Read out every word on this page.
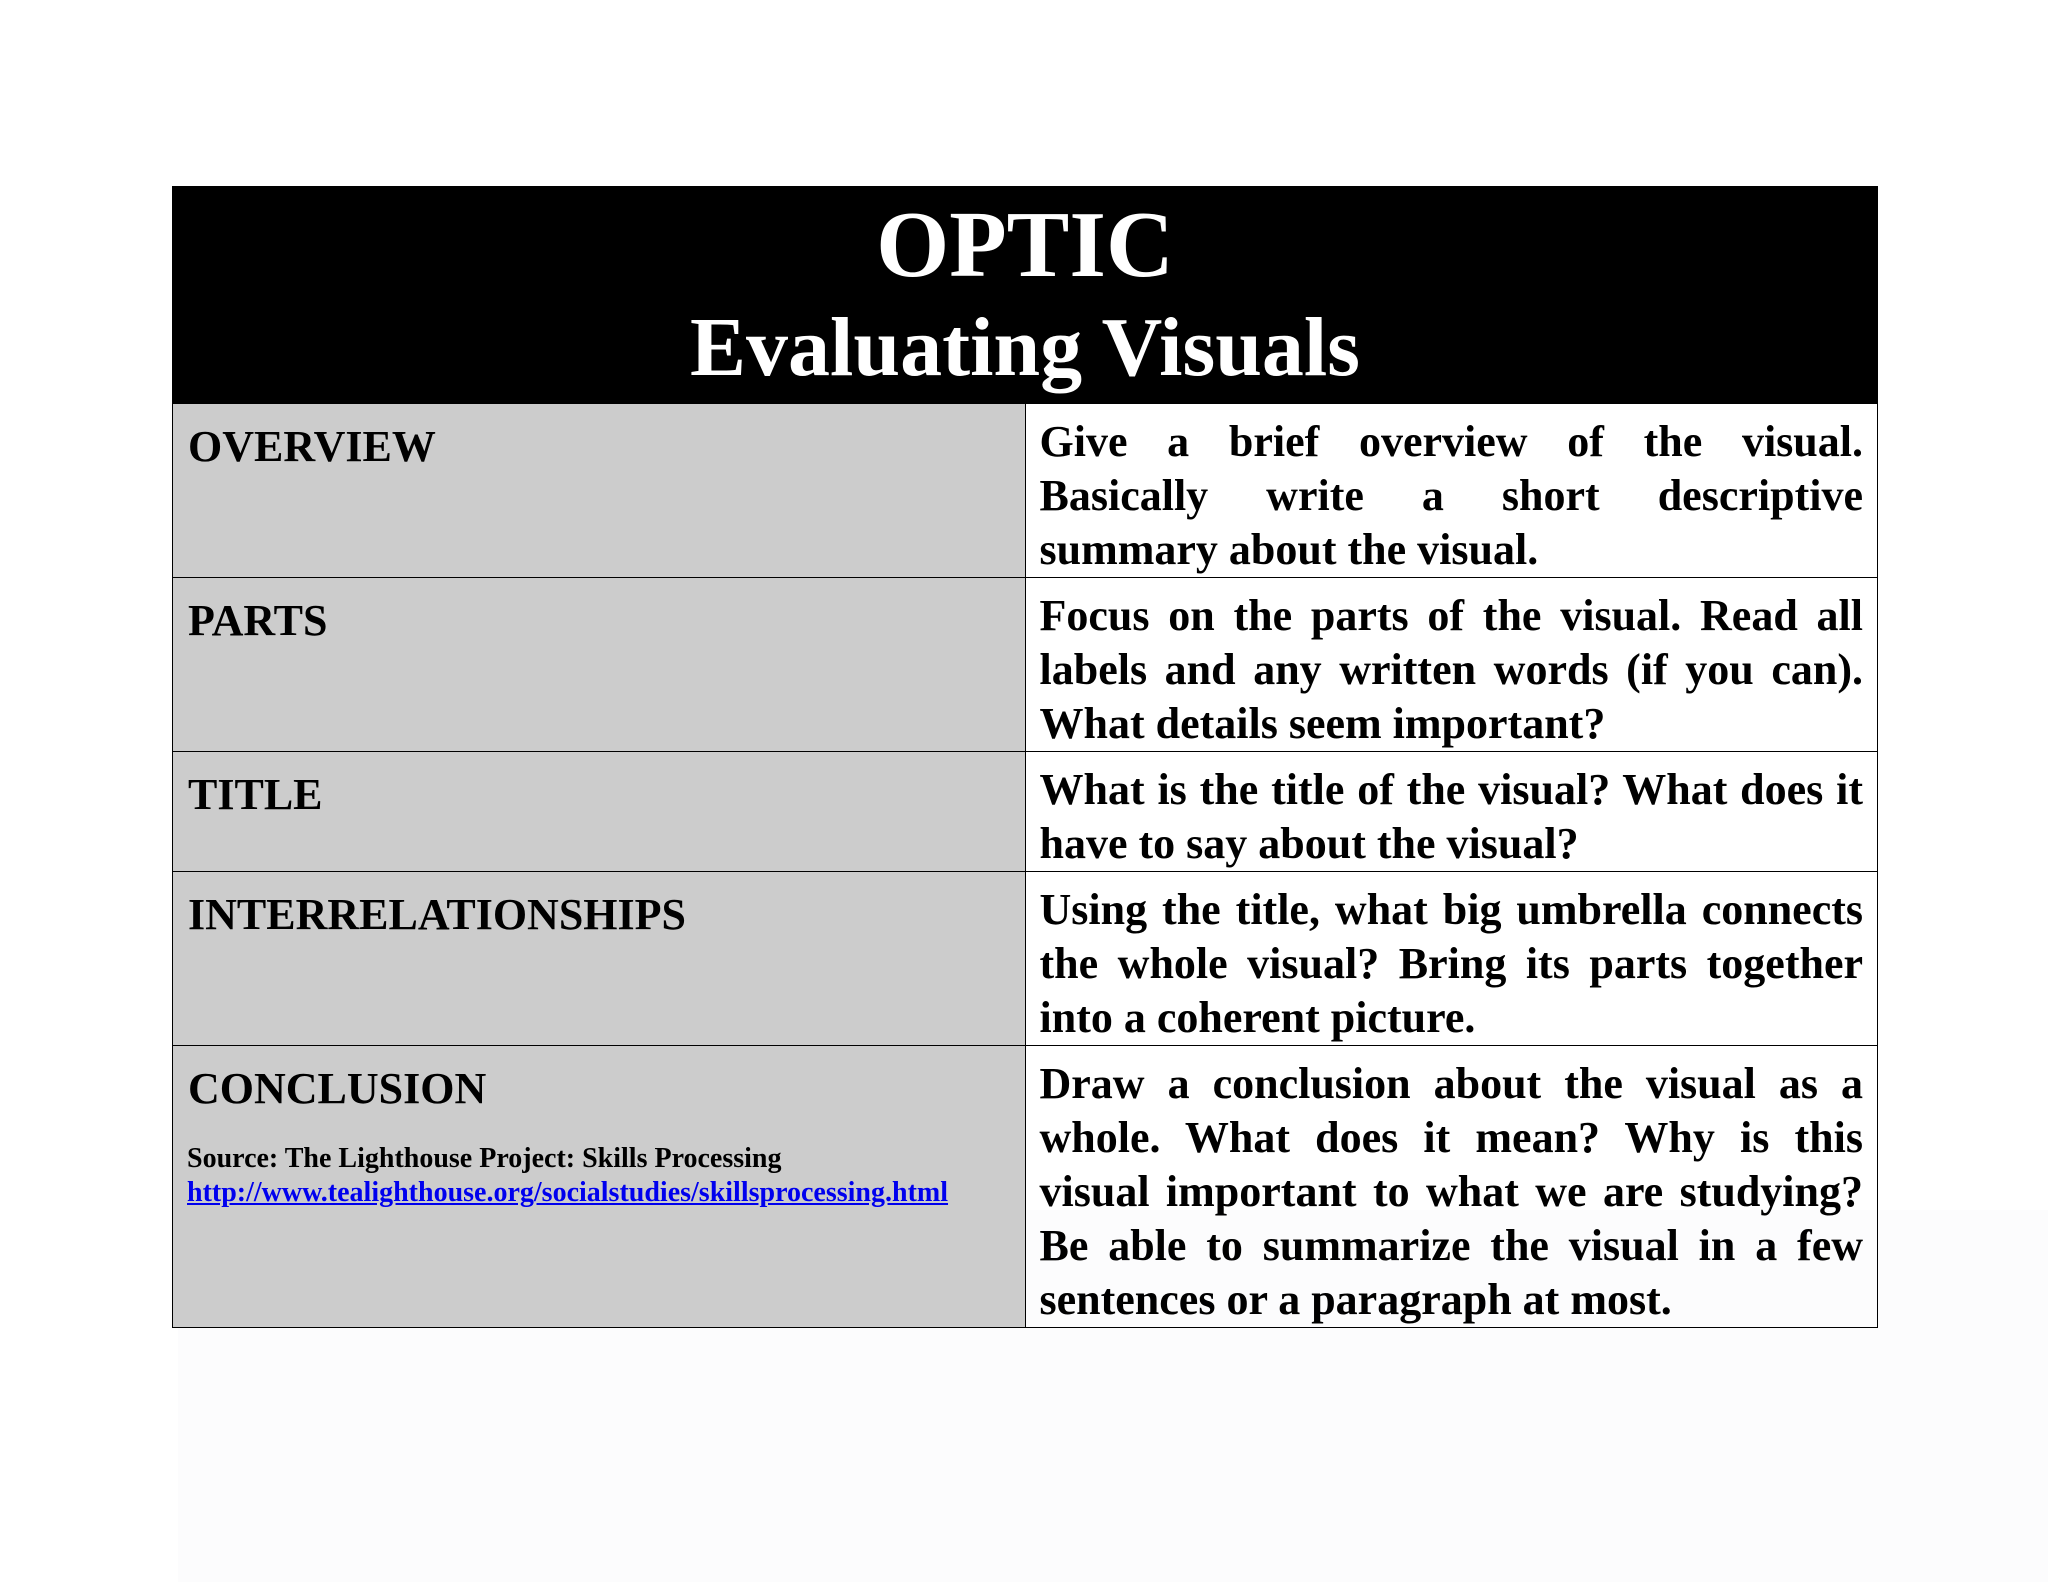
OPTIC
Evaluating Visuals	

OVERVIEW	Give a brief overview of the visual. Basically write a short descriptive summary about the visual.

PARTS	Focus on the parts of the visual. Read all labels and any written words (if you can). What details seem important?

TITLE	What is the title of the visual? What does it have to say about the visual?

INTERRELATIONSHIPS	Using the title, what big umbrella connects the whole visual? Bring its parts together into a coherent picture.

CONCLUSION	Draw a conclusion about the visual as a whole. What does it mean? Why is this visual important to what we are studying? Be able to summarize the visual in a few sentences or a paragraph at most.
Source: The Lighthouse Project: Skills Processing
http://www.tealighthouse.org/socialstudies/skillsprocessing.html
